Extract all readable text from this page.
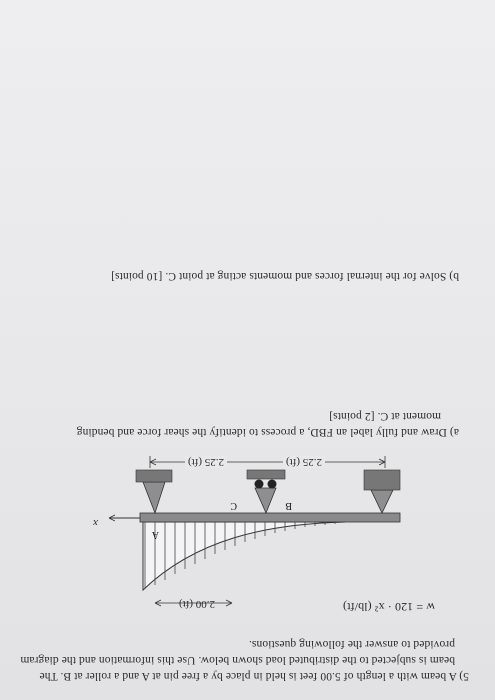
5) A beam with a length of 5.00 feet is held in place by a free pin at A and a roller at B. The
beam is subjected to the distributed load shown below. Use this information and the diagram
provided to answer the following questions.
w = 120 · x² (lb/ft)
2.00 (ft)
x
A
B
C
2.25 (ft)	2.25 (ft)
a) Draw and fully label an FBD, a process to identify the shear force and bending
moment at C. [2 points]
b) Solve for the internal forces and moments acting at point C. [10 points]
